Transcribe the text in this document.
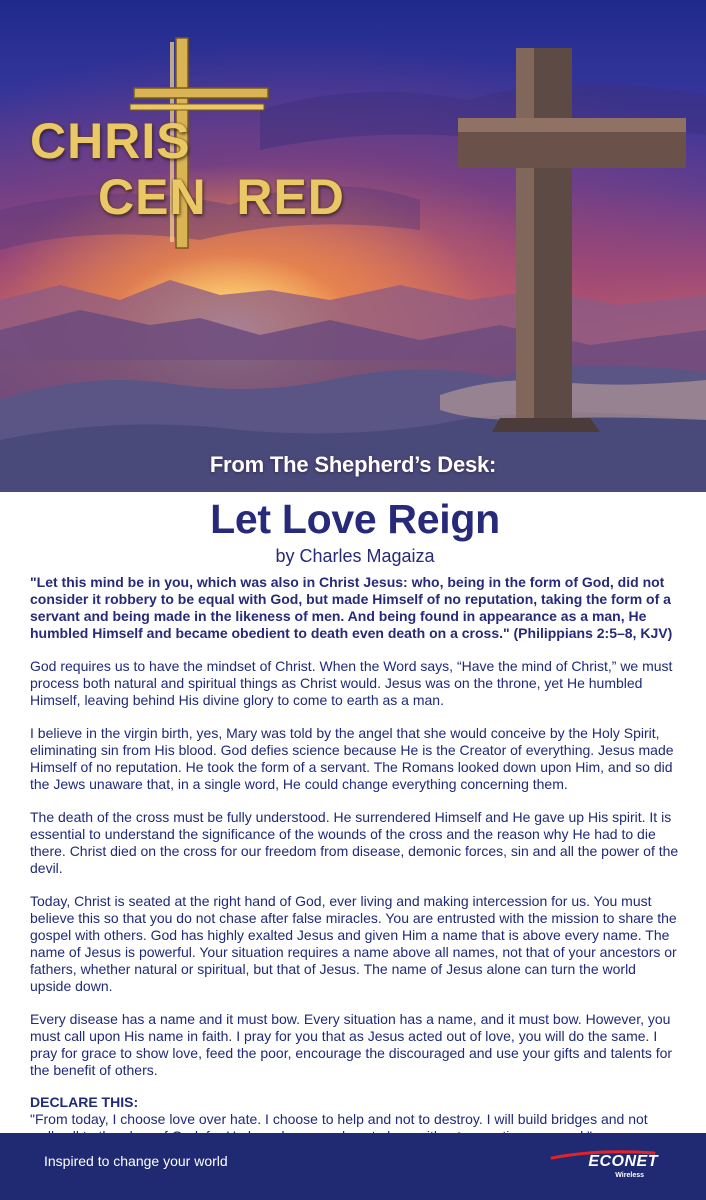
CHRIS
CEN  RED
From The Shepherd’s Desk:
Let Love Reign

by Charles Magaiza

"Let this mind be in you, which was also in Christ Jesus: who, being in the form of God, did not consider it robbery to be equal with God, but made Himself of no reputation, taking the form of a servant and being made in the likeness of men. And being found in appearance as a man, He humbled Himself and became obedient to death even death on a cross." (Philippians 2:5–8, KJV)

God requires us to have the mindset of Christ. When the Word says, “Have the mind of Christ,” we must process both natural and spiritual things as Christ would. Jesus was on the throne, yet He humbled Himself, leaving behind His divine glory to come to earth as a man.

I believe in the virgin birth, yes, Mary was told by the angel that she would conceive by the Holy Spirit, eliminating sin from His blood. God defies science because He is the Creator of everything. Jesus made Himself of no reputation. He took the form of a servant. The Romans looked down upon Him, and so did the Jews unaware that, in a single word, He could change everything concerning them.

The death of the cross must be fully understood. He surrendered Himself and He gave up His spirit. It is essential to understand the significance of the wounds of the cross and the reason why He had to die there. Christ died on the cross for our freedom from disease, demonic forces, sin and all the power of the devil.

Today, Christ is seated at the right hand of God, ever living and making intercession for us. You must believe this so that you do not chase after false miracles. You are entrusted with the mission to share the gospel with others. God has highly exalted Jesus and given Him a name that is above every name. The name of Jesus is powerful. Your situation requires a name above all names, not that of your ancestors or fathers, whether natural or spiritual, but that of Jesus. The name of Jesus alone can turn the world upside down.

Every disease has a name and it must bow. Every situation has a name, and it must bow. However, you must call upon His name in faith. I pray for you that as Jesus acted out of love, you will do the same. I pray for grace to show love, feed the poor, encourage the discouraged and use your gifts and talents for the benefit of others.

DECLARE THIS:

"From today, I choose love over hate. I choose to help and not to destroy. I will build bridges and not

Inspired to change your world	ECONET
Wireless
